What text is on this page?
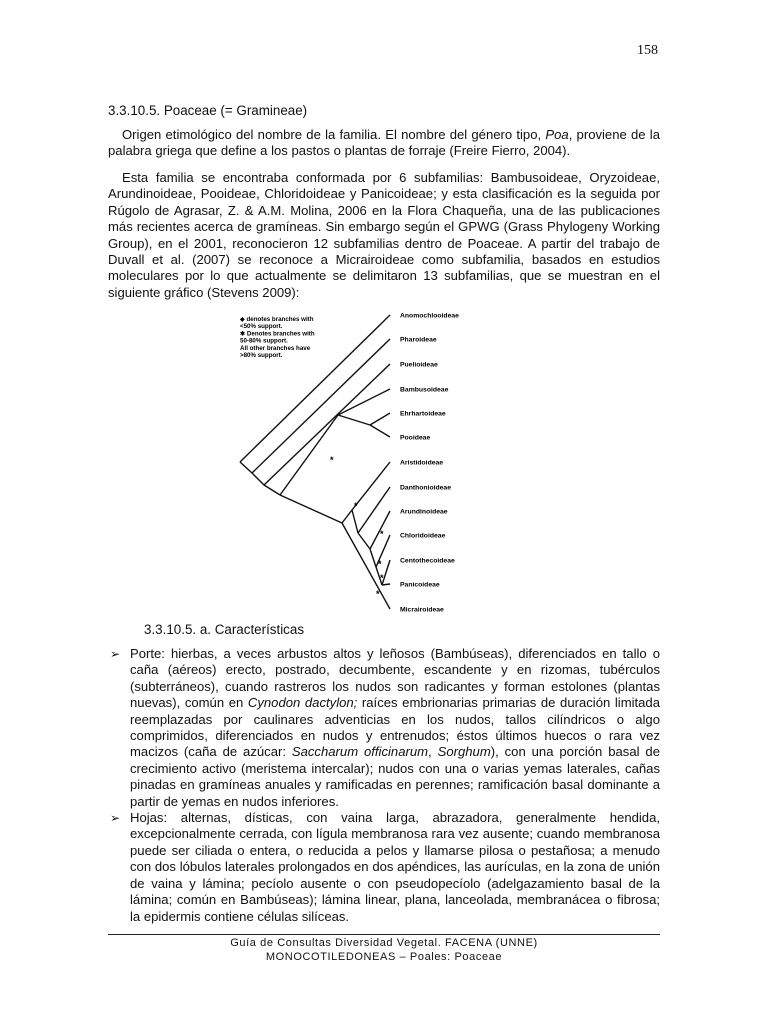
158
3.3.10.5. Poaceae (= Gramineae)

Origen etimológico del nombre de la familia. El nombre del género tipo, Poa, proviene de la palabra griega que define a los pastos o plantas de forraje (Freire Fierro, 2004).

Esta familia se encontraba conformada por 6 subfamilias: Bambusoideae, Oryzoideae, Arundinoideae, Pooideae, Chloridoideae y Panicoideae; y esta clasificación es la seguida por Rúgolo de Agrasar, Z. & A.M. Molina, 2006 en la Flora Chaqueña, una de las publicaciones más recientes acerca de gramíneas. Sin embargo según el GPWG (Grass Phylogeny Working Group), en el 2001, reconocieron 12 subfamilias dentro de Poaceae. A partir del trabajo de Duvall et al. (2007) se reconoce a Micrairoideae como subfamilia, basados en estudios moleculares por lo que actualmente se delimitaron 13 subfamilias, que se muestran en el siguiente gráfico (Stevens 2009):

◆ denotes branches with
<50% support.
✱ Denotes branches with
50-80% support.
All other branches have
>80% support.
Anomochlooideae
Pharoideae
Puelioideae
Bambusoideae
Ehrhartoideae
Pooideae
Aristidoideae
Danthonioideae
Arundinoideae
Chloridoideae
Centothecoideae
Panicoideae
Micrairoideae
*
*
*
*
*
*
3.3.10.5. a. Características
➢ Porte: hierbas, a veces arbustos altos y leñosos (Bambúseas), diferenciados en tallo o caña (aéreos) erecto, postrado, decumbente, escandente y en rizomas, tubérculos (subterráneos), cuando rastreros los nudos son radicantes y forman estolones (plantas nuevas), común en Cynodon dactylon; raíces embrionarias primarias de duración limitada reemplazadas por caulinares adventicias en los nudos, tallos cilíndricos o algo comprimidos, diferenciados en nudos y entrenudos; éstos últimos huecos o rara vez macizos (caña de azúcar: Saccharum officinarum, Sorghum), con una porción basal de crecimiento activo (meristema intercalar); nudos con una o varias yemas laterales, cañas pinadas en gramíneas anuales y ramificadas en perennes; ramificación basal dominante a partir de yemas en nudos inferiores.
➢ Hojas: alternas, dísticas, con vaina larga, abrazadora, generalmente hendida, excepcionalmente cerrada, con lígula membranosa rara vez ausente; cuando membranosa puede ser ciliada o entera, o reducida a pelos y llamarse pilosa o pestañosa; a menudo con dos lóbulos laterales prolongados en dos apéndices, las aurículas, en la zona de unión de vaina y lámina; pecíolo ausente o con pseudopecíolo (adelgazamiento basal de la lámina; común en Bambúseas); lámina linear, plana, lanceolada, membranácea o fibrosa; la epidermis contiene células silíceas.
Guía de Consultas Diversidad Vegetal. FACENA (UNNE)
MONOCOTILEDONEAS – Poales: Poaceae
